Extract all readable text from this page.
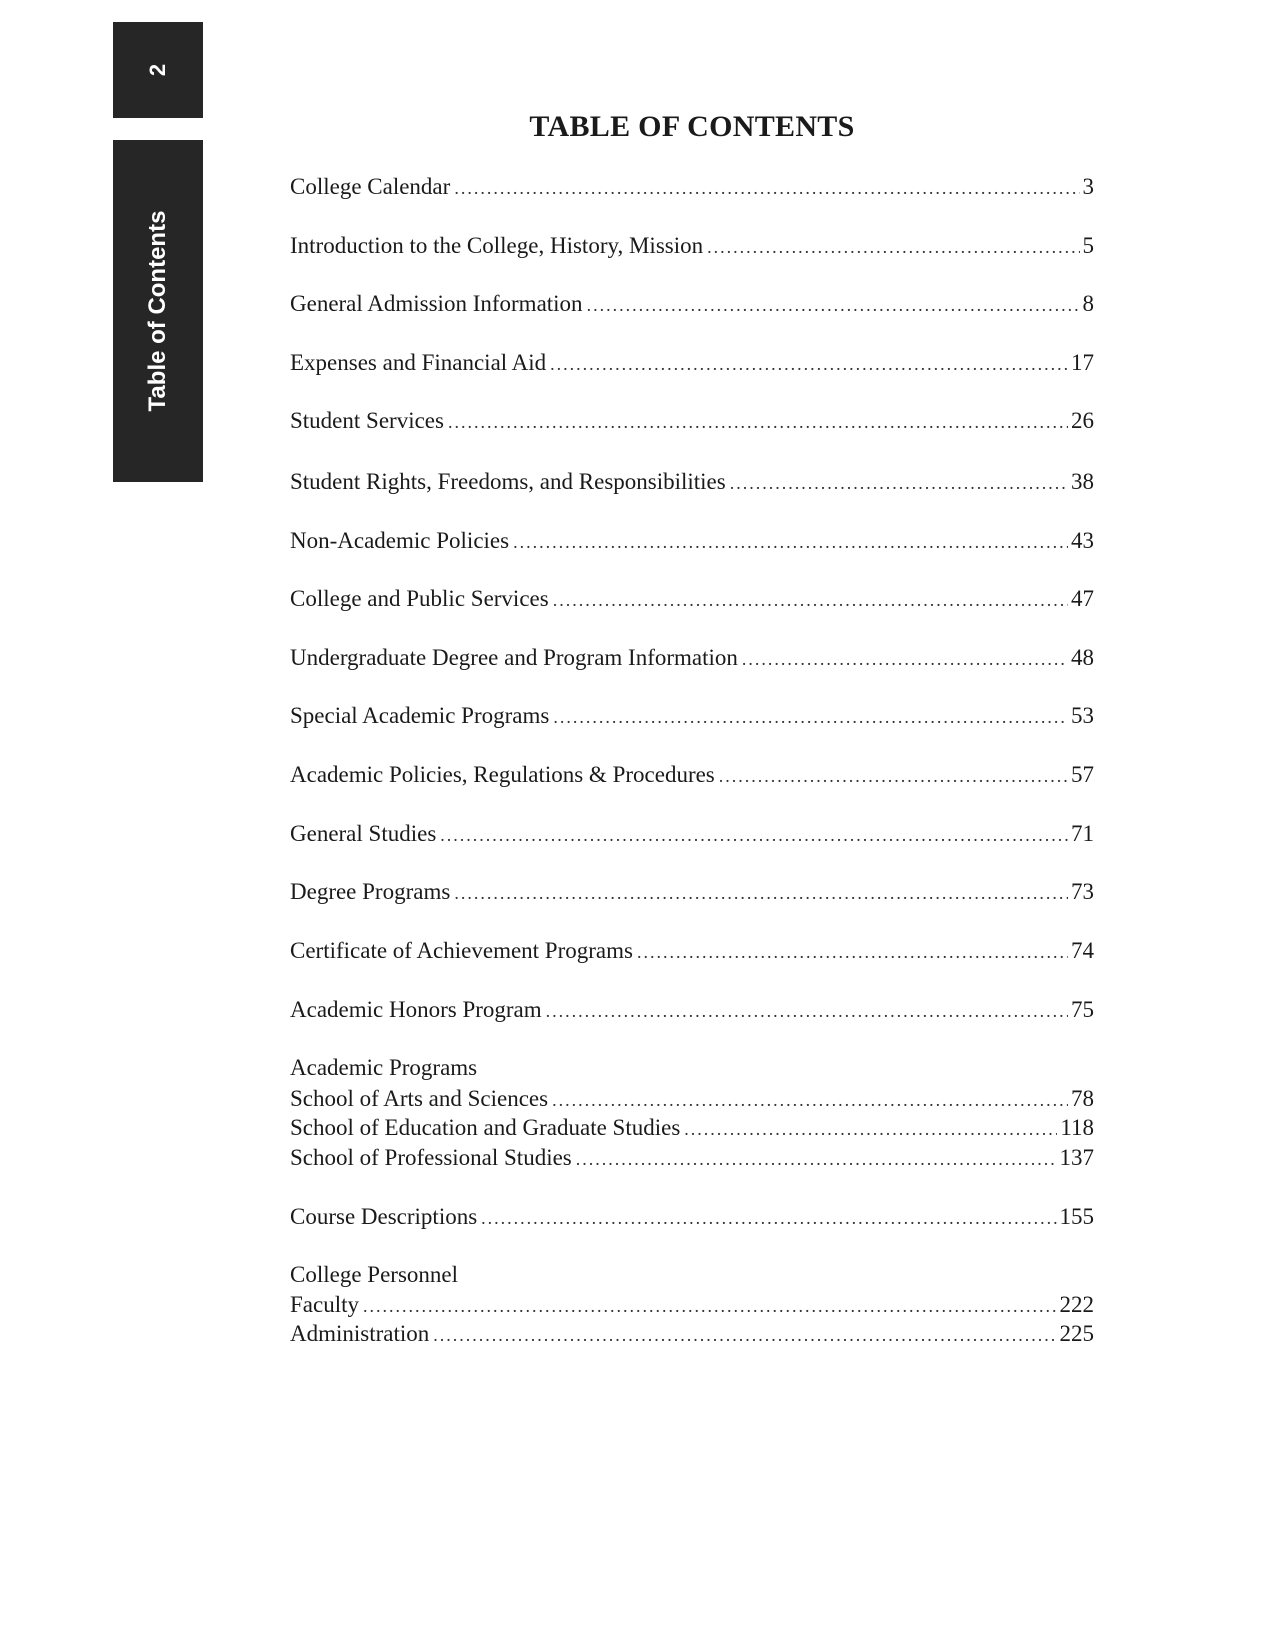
2
Table of Contents
TABLE OF CONTENTS
College Calendar .....	3
Introduction to the College, History, Mission .....	5
General Admission Information .....	8
Expenses and Financial Aid .....	17
Student Services .....	26
Student Rights, Freedoms, and Responsibilities .....	38
Non-Academic Policies .....	43
College and Public Services .....	47
Undergraduate Degree and Program Information .....	48
Special Academic Programs .....	53
Academic Policies, Regulations & Procedures .....	57
General Studies .....	71
Degree Programs .....	73
Certificate of Achievement Programs .....	74
Academic Honors Program .....	75
Academic Programs
School of Arts and Sciences .....	78
School of Education and Graduate Studies .....	118
School of Professional Studies .....	137
Course Descriptions .....	155
College Personnel
Faculty .....	222
Administration .....	225
